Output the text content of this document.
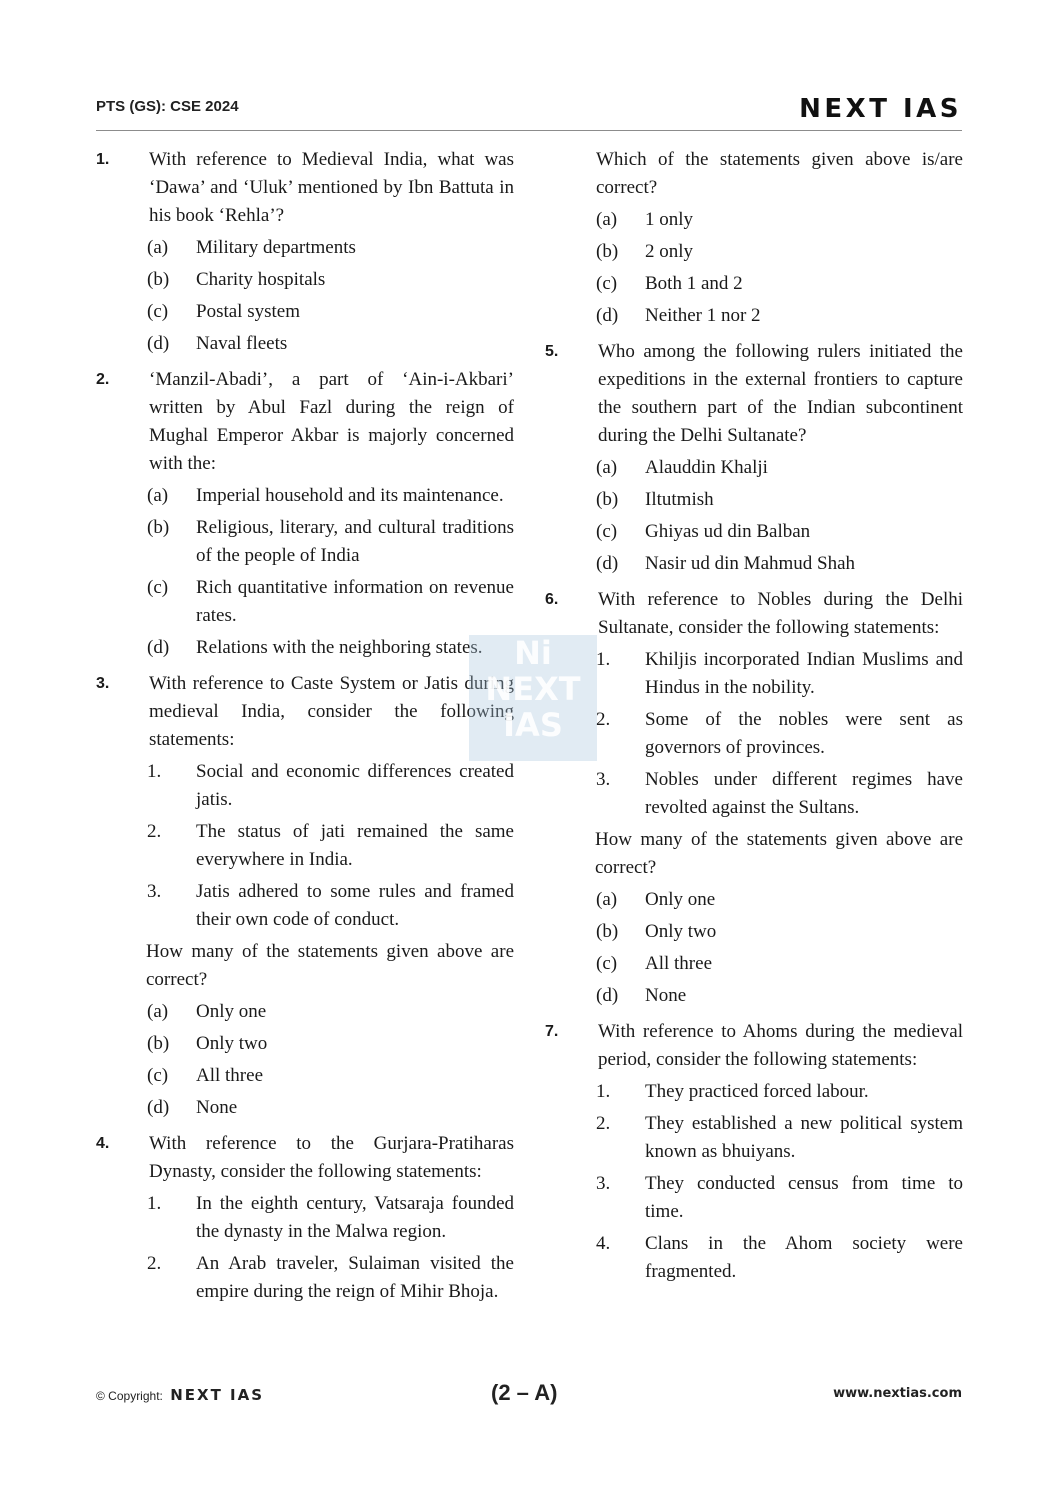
PTS (GS): CSE 2024	NEXT IAS
1. With reference to Medieval India, what was ‘Dawa’ and ‘Uluk’ mentioned by Ibn Battuta in his book ‘Rehla’?
(a) Military departments
(b) Charity hospitals
(c) Postal system
(d) Naval fleets
2. ‘Manzil-Abadi’, a part of ‘Ain-i-Akbari’ written by Abul Fazl during the reign of Mughal Emperor Akbar is majorly concerned with the:
(a) Imperial household and its maintenance.
(b) Religious, literary, and cultural traditions of the people of India
(c) Rich quantitative information on revenue rates.
(d) Relations with the neighboring states.
3. With reference to Caste System or Jatis during medieval India, consider the following statements:
1. Social and economic differences created jatis.
2. The status of jati remained the same everywhere in India.
3. Jatis adhered to some rules and framed their own code of conduct.
How many of the statements given above are correct?
(a) Only one
(b) Only two
(c) All three
(d) None
4. With reference to the Gurjara-Pratiharas Dynasty, consider the following statements:
1. In the eighth century, Vatsaraja founded the dynasty in the Malwa region.
2. An Arab traveler, Sulaiman visited the empire during the reign of Mihir Bhoja.
Which of the statements given above is/are correct?
(a) 1 only
(b) 2 only
(c) Both 1 and 2
(d) Neither 1 nor 2
5. Who among the following rulers initiated the expeditions in the external frontiers to capture the southern part of the Indian subcontinent during the Delhi Sultanate?
(a) Alauddin Khalji
(b) Iltutmish
(c) Ghiyas ud din Balban
(d) Nasir ud din Mahmud Shah
6. With reference to Nobles during the Delhi Sultanate, consider the following statements:
1. Khiljis incorporated Indian Muslims and Hindus in the nobility.
2. Some of the nobles were sent as governors of provinces.
3. Nobles under different regimes have revolted against the Sultans.
How many of the statements given above are correct?
(a) Only one
(b) Only two
(c) All three
(d) None
7. With reference to Ahoms during the medieval period, consider the following statements:
1. They practiced forced labour.
2. They established a new political system known as bhuiyans.
3. They conducted census from time to time.
4. Clans in the Ahom society were fragmented.
Ni
NEXT
IAS
© Copyright: NEXT IAS	(2 – A)	www.nextias.com
